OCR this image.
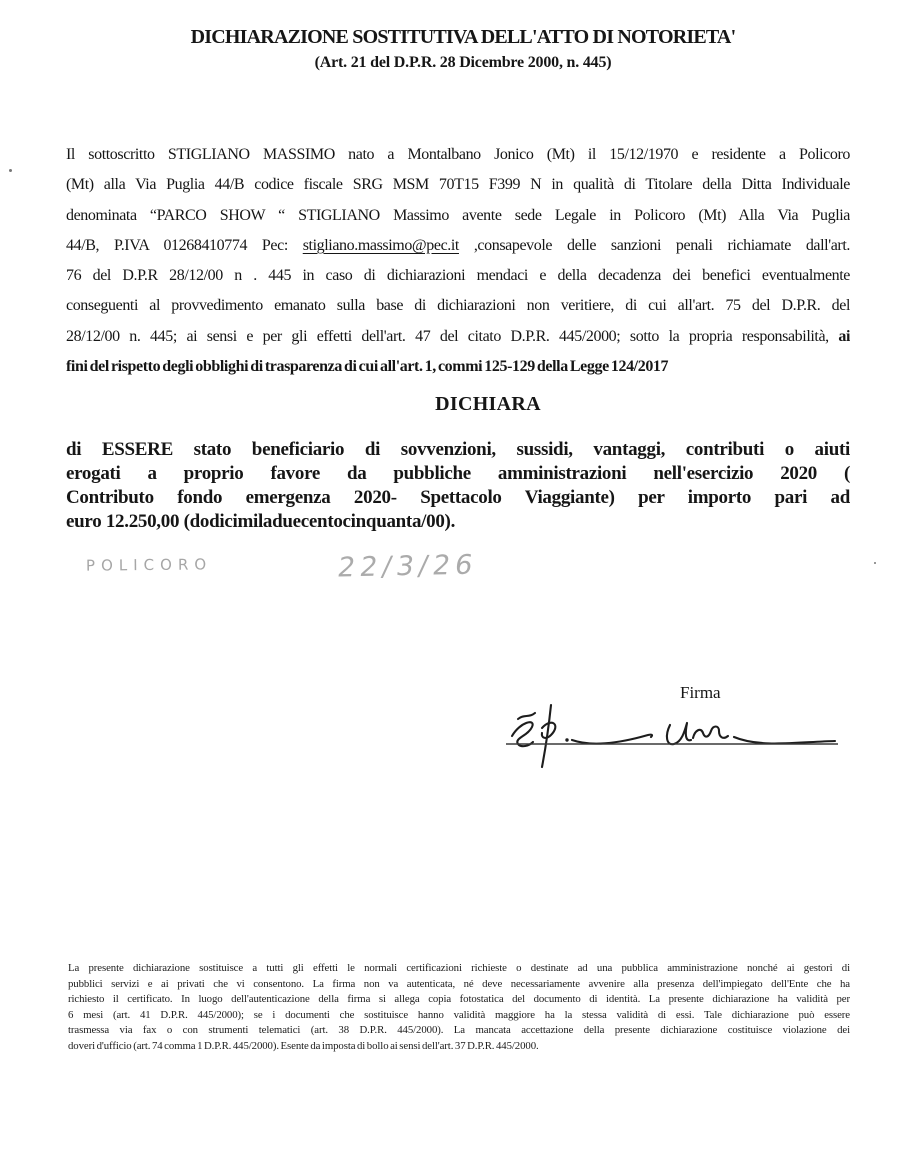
DICHIARAZIONE SOSTITUTIVA DELL'ATTO DI NOTORIETA'
(Art. 21 del D.P.R. 28 Dicembre 2000, n. 445)
Il sottoscritto STIGLIANO MASSIMO nato a Montalbano Jonico (Mt) il 15/12/1970 e residente a Policoro
(Mt) alla Via Puglia 44/B codice fiscale SRG MSM 70T15 F399 N in qualità di Titolare della Ditta Individuale
denominata “PARCO SHOW “ STIGLIANO Massimo avente sede Legale in Policoro (Mt) Alla Via Puglia
44/B, P.IVA 01268410774 Pec: stigliano.massimo@pec.it ,consapevole delle sanzioni penali richiamate dall'art.
76 del D.P.R 28/12/00 n . 445 in caso di dichiarazioni mendaci e della decadenza dei benefici eventualmente
conseguenti al provvedimento emanato sulla base di dichiarazioni non veritiere, di cui all'art. 75 del D.P.R. del
28/12/00 n. 445; ai sensi e per gli effetti dell'art. 47 del citato D.P.R. 445/2000; sotto la propria responsabilità, ai
fini del rispetto degli obblighi di trasparenza di cui all'art. 1, commi 125-129 della Legge 124/2017
DICHIARA
di ESSERE stato beneficiario di sovvenzioni, sussidi, vantaggi, contributi o aiuti
erogati a proprio favore da pubbliche amministrazioni nell'esercizio 2020 (
Contributo fondo emergenza 2020- Spettacolo Viaggiante) per importo pari ad
euro 12.250,00 (dodicimiladuecentocinquanta/00).
POLICORO	22/3/26
Firma
La presente dichiarazione sostituisce a tutti gli effetti le normali certificazioni richieste o destinate ad una pubblica amministrazione nonché ai gestori di
pubblici servizi e ai privati che vi consentono. La firma non va autenticata, né deve necessariamente avvenire alla presenza dell'impiegato dell'Ente che ha
richiesto il certificato. In luogo dell'autenticazione della firma si allega copia fotostatica del documento di identità. La presente dichiarazione ha validità per
6 mesi (art. 41 D.P.R. 445/2000); se i documenti che sostituisce hanno validità maggiore ha la stessa validità di essi. Tale dichiarazione può essere
trasmessa via fax o con strumenti telematici (art. 38 D.P.R. 445/2000). La mancata accettazione della presente dichiarazione costituisce violazione dei
doveri d'ufficio (art. 74 comma 1 D.P.R. 445/2000). Esente da imposta di bollo ai sensi dell'art. 37 D.P.R. 445/2000.
